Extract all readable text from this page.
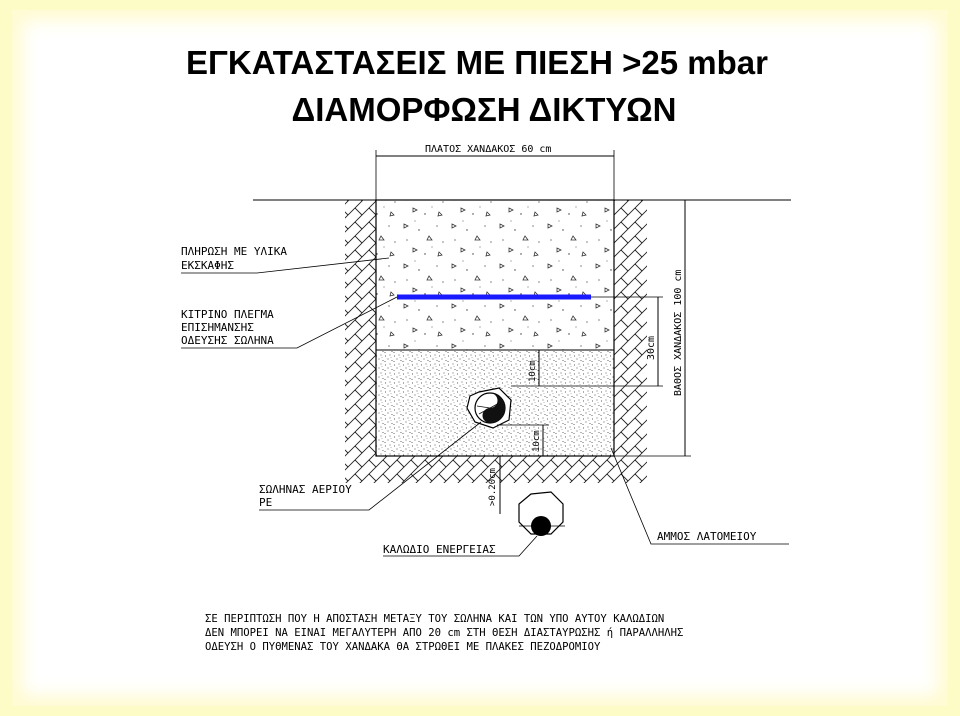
ΕΓΚΑΤΑΣΤΑΣΕΙΣ ΜΕ ΠΙΕΣΗ >25 mbar
ΔΙΑΜΟΡΦΩΣΗ ΔΙΚΤΥΩΝ
ΠΛΑΤΟΣ ΧΑΝΔΑΚΟΣ 60 cm
ΒΑΘΟΣ ΧΑΝΔΑΚΟΣ 100 cm
30cm
10cm
10cm
>0.20cm
ΠΛΗΡΩΣΗ ΜΕ ΥΛΙΚΑ
ΕΚΣΚΑΦΗΣ
ΚΙΤΡΙΝΟ ΠΛΕΓΜΑ
ΕΠΙΣΗΜΑΝΣΗΣ
ΟΔΕΥΣΗΣ ΣΩΛΗΝΑ
ΣΩΛΗΝΑΣ ΑΕΡΙΟΥ
PE
ΚΑΛΩΔΙΟ ΕΝΕΡΓΕΙΑΣ
ΑΜΜΟΣ ΛΑΤΟΜΕΙΟΥ
ΣΕ ΠΕΡΙΠΤΩΣΗ ΠΟΥ Η ΑΠΟΣΤΑΣΗ ΜΕΤΑΞΥ ΤΟΥ ΣΩΛΗΝΑ ΚΑΙ ΤΩΝ ΥΠΟ ΑΥΤΟΥ ΚΑΛΩΔΙΩΝ
ΔΕΝ ΜΠΟΡΕΙ ΝΑ ΕΙΝΑΙ ΜΕΓΑΛΥΤΕΡΗ ΑΠΟ 20 cm ΣΤΗ ΘΕΣΗ ΔΙΑΣΤΑΥΡΩΣΗΣ ή ΠΑΡΑΛΛΗΛΗΣ
ΟΔΕΥΣΗ Ο ΠΥΘΜΕΝΑΣ ΤΟΥ ΧΑΝΔΑΚΑ ΘΑ ΣΤΡΩΘΕΙ ΜΕ ΠΛΑΚΕΣ ΠΕΖΟΔΡΟΜΙΟΥ
